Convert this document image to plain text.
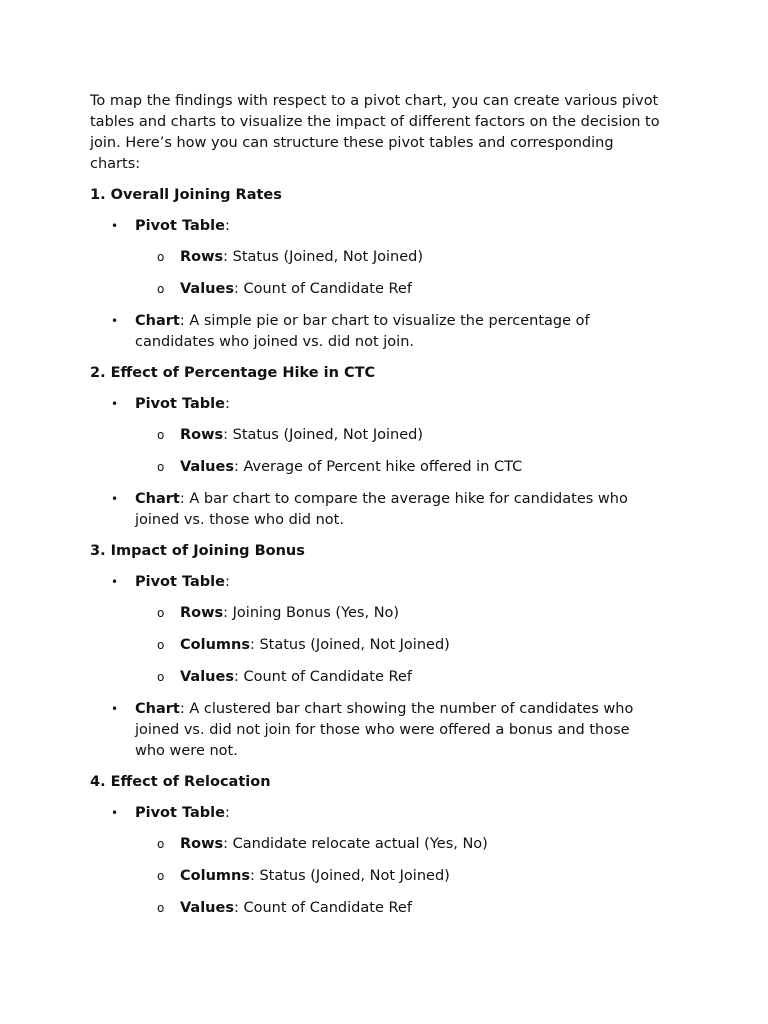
To map the findings with respect to a pivot chart, you can create various pivot tables and charts to visualize the impact of different factors on the decision to join. Here’s how you can structure these pivot tables and corresponding charts:

1. Overall Joining Rates
• Pivot Table:
o Rows: Status (Joined, Not Joined)
o Values: Count of Candidate Ref
• Chart: A simple pie or bar chart to visualize the percentage of candidates who joined vs. did not join.
2. Effect of Percentage Hike in CTC
• Pivot Table:
o Rows: Status (Joined, Not Joined)
o Values: Average of Percent hike offered in CTC
• Chart: A bar chart to compare the average hike for candidates who joined vs. those who did not.
3. Impact of Joining Bonus
• Pivot Table:
o Rows: Joining Bonus (Yes, No)
o Columns: Status (Joined, Not Joined)
o Values: Count of Candidate Ref
• Chart: A clustered bar chart showing the number of candidates who joined vs. did not join for those who were offered a bonus and those who were not.
4. Effect of Relocation
• Pivot Table:
o Rows: Candidate relocate actual (Yes, No)
o Columns: Status (Joined, Not Joined)
o Values: Count of Candidate Ref
